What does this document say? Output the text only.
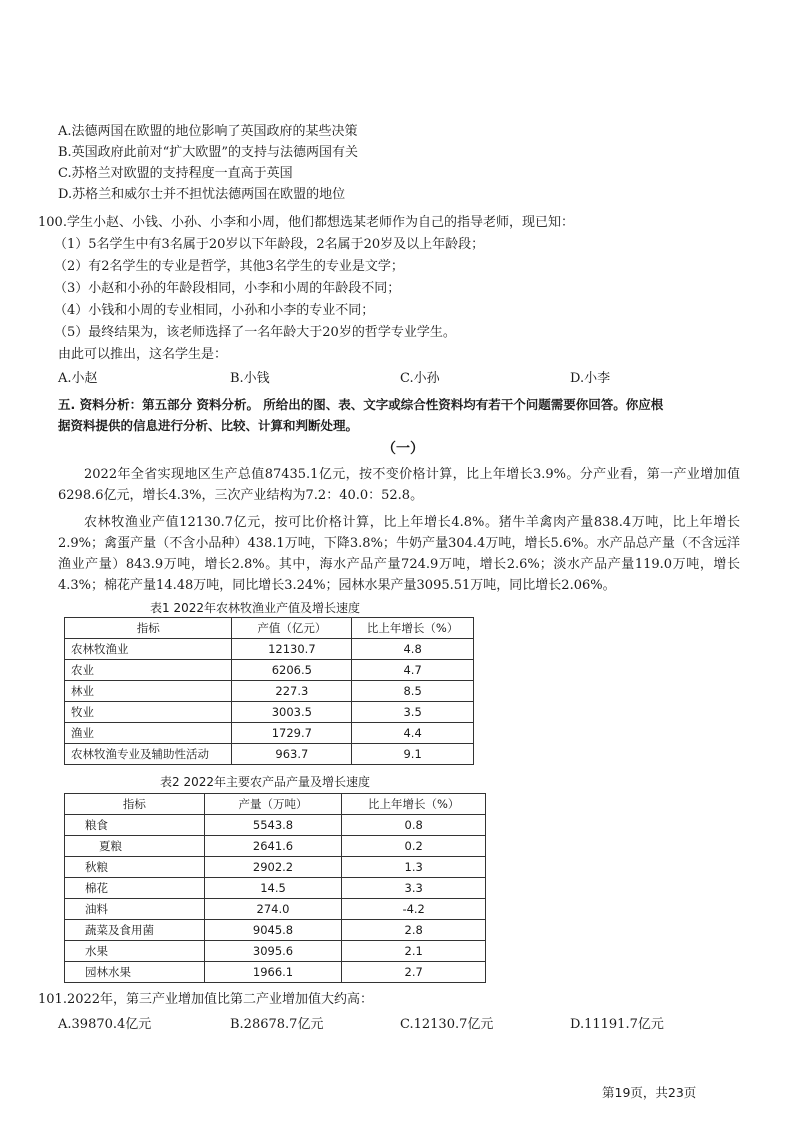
A.法德两国在欧盟的地位影响了英国政府的某些决策
B.英国政府此前对“扩大欧盟”的支持与法德两国有关
C.苏格兰对欧盟的支持程度一直高于英国
D.苏格兰和威尔士并不担忧法德两国在欧盟的地位
100.学生小赵、小钱、小孙、小李和小周，他们都想选某老师作为自己的指导老师，现已知：
（1）5名学生中有3名属于20岁以下年龄段，2名属于20岁及以上年龄段；
（2）有2名学生的专业是哲学，其他3名学生的专业是文学；
（3）小赵和小孙的年龄段相同，小李和小周的年龄段不同；
（4）小钱和小周的专业相同，小孙和小李的专业不同；
（5）最终结果为，该老师选择了一名年龄大于20岁的哲学专业学生。
由此可以推出，这名学生是：
A.小赵	B.小钱	C.小孙	D.小李
五. 资料分析：第五部分 资料分析。 所给出的图、表、文字或综合性资料均有若干个问题需要你回答。你应根
据资料提供的信息进行分析、比较、计算和判断处理。
（一）
2022年全省实现地区生产总值87435.1亿元，按不变价格计算，比上年增长3.9%。分产业看，第一产业增加值6298.6亿元，增长4.3%，三次产业结构为7.2：40.0：52.8。
农林牧渔业产值12130.7亿元，按可比价格计算，比上年增长4.8%。猪牛羊禽肉产量838.4万吨，比上年增长2.9%；禽蛋产量（不含小品种）438.1万吨，下降3.8%；牛奶产量304.4万吨，增长5.6%。水产品总产量（不含远洋渔业产量）843.9万吨，增长2.8%。其中，海水产品产量724.9万吨，增长2.6%；淡水产品产量119.0万吨，增长4.3%；棉花产量14.48万吨，同比增长3.24%；园林水果产量3095.51万吨，同比增长2.06%。
表1 2022年农林牧渔业产值及增长速度
指标	产值（亿元）	比上年增长（%）
农林牧渔业	12130.7	4.8
农业	6206.5	4.7
林业	227.3	8.5
牧业	3003.5	3.5
渔业	1729.7	4.4
农林牧渔专业及辅助性活动	963.7	9.1
表2 2022年主要农产品产量及增长速度
指标	产量（万吨）	比上年增长（%）
粮食	5543.8	0.8
夏粮	2641.6	0.2
秋粮	2902.2	1.3
棉花	14.5	3.3
油料	274.0	-4.2
蔬菜及食用菌	9045.8	2.8
水果	3095.6	2.1
园林水果	1966.1	2.7
101.2022年，第三产业增加值比第二产业增加值大约高：
A.39870.4亿元	B.28678.7亿元	C.12130.7亿元	D.11191.7亿元
第19页，共23页
